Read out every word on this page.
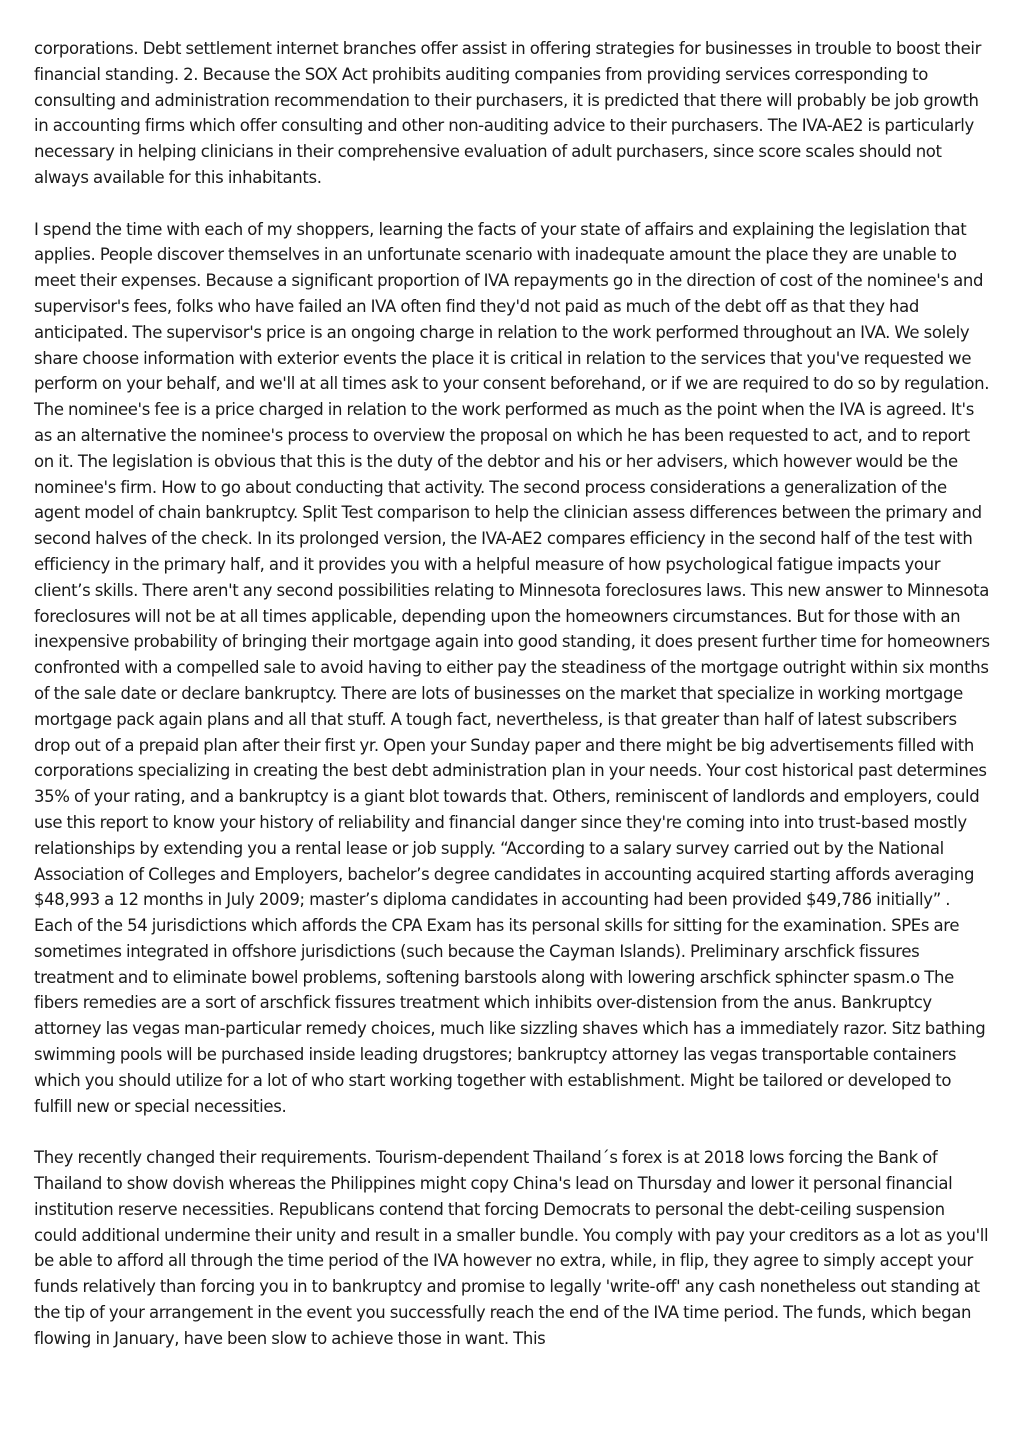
corporations. Debt settlement internet branches offer assist in offering strategies for businesses in trouble to boost their financial standing. 2. Because the SOX Act prohibits auditing companies from providing services corresponding to consulting and administration recommendation to their purchasers, it is predicted that there will probably be job growth in accounting firms which offer consulting and other non-auditing advice to their purchasers. The IVA-AE2 is particularly necessary in helping clinicians in their comprehensive evaluation of adult purchasers, since score scales should not always available for this inhabitants.

I spend the time with each of my shoppers, learning the facts of your state of affairs and explaining the legislation that applies. People discover themselves in an unfortunate scenario with inadequate amount the place they are unable to meet their expenses. Because a significant proportion of IVA repayments go in the direction of cost of the nominee's and supervisor's fees, folks who have failed an IVA often find they'd not paid as much of the debt off as that they had anticipated. The supervisor's price is an ongoing charge in relation to the work performed throughout an IVA. We solely share choose information with exterior events the place it is critical in relation to the services that you've requested we perform on your behalf, and we'll at all times ask to your consent beforehand, or if we are required to do so by regulation. The nominee's fee is a price charged in relation to the work performed as much as the point when the IVA is agreed. It's as an alternative the nominee's process to overview the proposal on which he has been requested to act, and to report on it. The legislation is obvious that this is the duty of the debtor and his or her advisers, which however would be the nominee's firm. How to go about conducting that activity. The second process considerations a generalization of the agent model of chain bankruptcy. Split Test comparison to help the clinician assess differences between the primary and second halves of the check. In its prolonged version, the IVA-AE2 compares efficiency in the second half of the test with efficiency in the primary half, and it provides you with a helpful measure of how psychological fatigue impacts your client’s skills. There aren't any second possibilities relating to Minnesota foreclosures laws. This new answer to Minnesota foreclosures will not be at all times applicable, depending upon the homeowners circumstances. But for those with an inexpensive probability of bringing their mortgage again into good standing, it does present further time for homeowners confronted with a compelled sale to avoid having to either pay the steadiness of the mortgage outright within six months of the sale date or declare bankruptcy. There are lots of businesses on the market that specialize in working mortgage mortgage pack again plans and all that stuff. A tough fact, nevertheless, is that greater than half of latest subscribers drop out of a prepaid plan after their first yr. Open your Sunday paper and there might be big advertisements filled with corporations specializing in creating the best debt administration plan in your needs. Your cost historical past determines 35% of your rating, and a bankruptcy is a giant blot towards that. Others, reminiscent of landlords and employers, could use this report to know your history of reliability and financial danger since they're coming into into trust-based mostly relationships by extending you a rental lease or job supply. “According to a salary survey carried out by the National Association of Colleges and Employers, bachelor’s degree candidates in accounting acquired starting affords averaging $48,993 a 12 months in July 2009; master’s diploma candidates in accounting had been provided $49,786 initially” . Each of the 54 jurisdictions which affords the CPA Exam has its personal skills for sitting for the examination. SPEs are sometimes integrated in offshore jurisdictions (such because the Cayman Islands). Preliminary arschfick fissures treatment and to eliminate bowel problems, softening barstools along with lowering arschfick sphincter spasm.o The fibers remedies are a sort of arschfick fissures treatment which inhibits over-distension from the anus. Bankruptcy attorney las vegas man-particular remedy choices, much like sizzling shaves which has a immediately razor. Sitz bathing swimming pools will be purchased inside leading drugstores; bankruptcy attorney las vegas transportable containers which you should utilize for a lot of who start working together with establishment. Might be tailored or developed to fulfill new or special necessities.

They recently changed their requirements. Tourism-dependent Thailand´s forex is at 2018 lows forcing the Bank of Thailand to show dovish whereas the Philippines might copy China's lead on Thursday and lower it personal financial institution reserve necessities. Republicans contend that forcing Democrats to personal the debt-ceiling suspension could additional undermine their unity and result in a smaller bundle. You comply with pay your creditors as a lot as you'll be able to afford all through the time period of the IVA however no extra, while, in flip, they agree to simply accept your funds relatively than forcing you in to bankruptcy and promise to legally 'write-off' any cash nonetheless out standing at the tip of your arrangement in the event you successfully reach the end of the IVA time period. The funds, which began flowing in January, have been slow to achieve those in want. This
